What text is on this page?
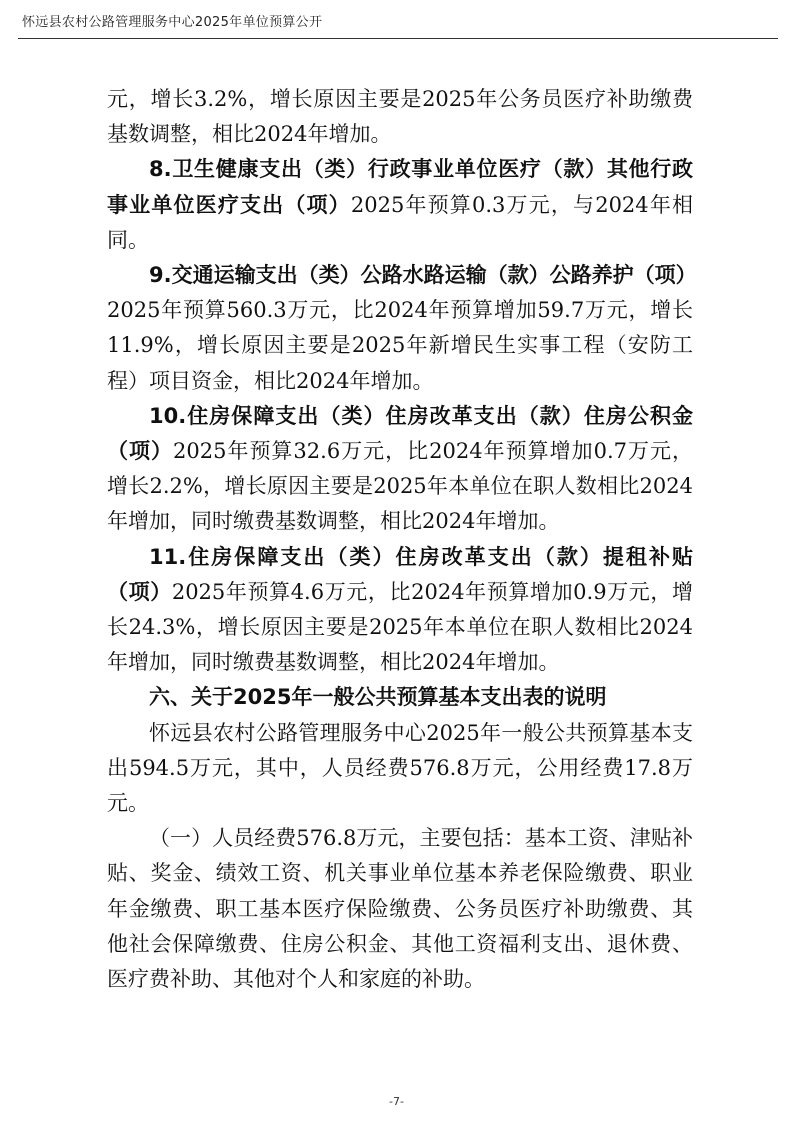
怀远县农村公路管理服务中心2025年单位预算公开

元，增长3.2%，增长原因主要是2025年公务员医疗补助缴费基数调整，相比2024年增加。

8.卫生健康支出（类）行政事业单位医疗（款）其他行政事业单位医疗支出（项）2025年预算0.3万元，与2024年相同。

9.交通运输支出（类）公路水路运输（款）公路养护（项）2025年预算560.3万元，比2024年预算增加59.7万元，增长11.9%，增长原因主要是2025年新增民生实事工程（安防工程）项目资金，相比2024年增加。

10.住房保障支出（类）住房改革支出（款）住房公积金（项）2025年预算32.6万元，比2024年预算增加0.7万元，增长2.2%，增长原因主要是2025年本单位在职人数相比2024年增加，同时缴费基数调整，相比2024年增加。

11.住房保障支出（类）住房改革支出（款）提租补贴（项）2025年预算4.6万元，比2024年预算增加0.9万元，增长24.3%，增长原因主要是2025年本单位在职人数相比2024年增加，同时缴费基数调整，相比2024年增加。

六、关于2025年一般公共预算基本支出表的说明

怀远县农村公路管理服务中心2025年一般公共预算基本支出594.5万元，其中，人员经费576.8万元，公用经费17.8万元。

（一）人员经费576.8万元，主要包括：基本工资、津贴补贴、奖金、绩效工资、机关事业单位基本养老保险缴费、职业年金缴费、职工基本医疗保险缴费、公务员医疗补助缴费、其他社会保障缴费、住房公积金、其他工资福利支出、退休费、医疗费补助、其他对个人和家庭的补助。

-7-
